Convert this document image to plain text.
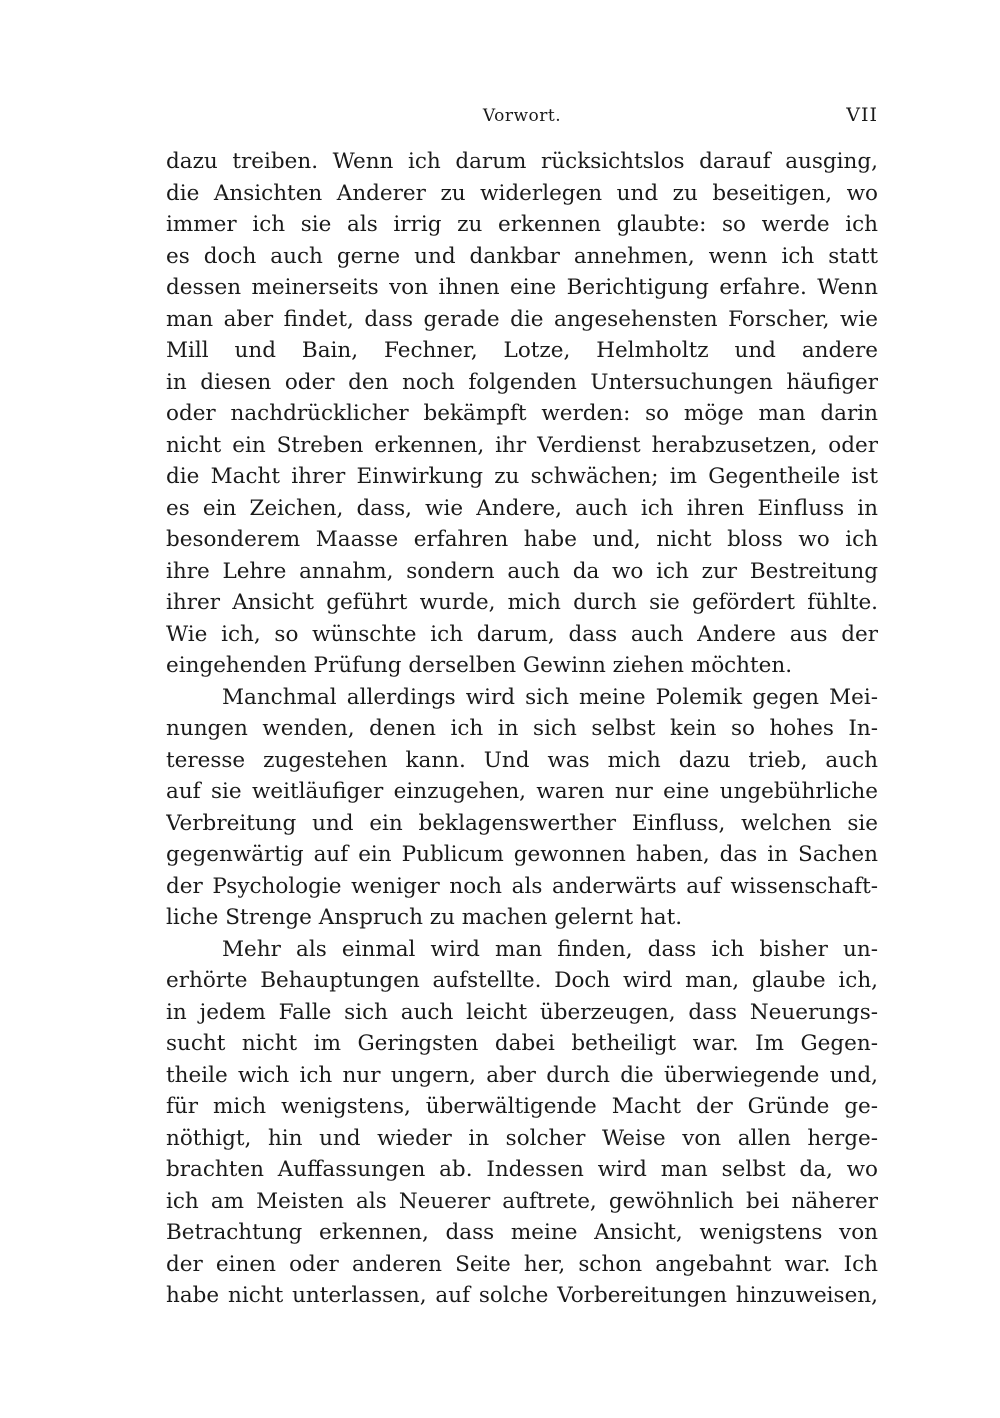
Vorwort.	VII
dazu treiben. Wenn ich darum rücksichtslos darauf ausging,
die Ansichten Anderer zu widerlegen und zu beseitigen, wo
immer ich sie als irrig zu erkennen glaubte: so werde ich
es doch auch gerne und dankbar annehmen, wenn ich statt
dessen meinerseits von ihnen eine Berichtigung erfahre. Wenn
man aber findet, dass gerade die angesehensten Forscher, wie
Mill und Bain, Fechner, Lotze, Helmholtz und andere
in diesen oder den noch folgenden Untersuchungen häufiger
oder nachdrücklicher bekämpft werden: so möge man darin
nicht ein Streben erkennen, ihr Verdienst herabzusetzen, oder
die Macht ihrer Einwirkung zu schwächen; im Gegentheile ist
es ein Zeichen, dass, wie Andere, auch ich ihren Einfluss in
besonderem Maasse erfahren habe und, nicht bloss wo ich
ihre Lehre annahm, sondern auch da wo ich zur Bestreitung
ihrer Ansicht geführt wurde, mich durch sie gefördert fühlte.
Wie ich, so wünschte ich darum, dass auch Andere aus der
eingehenden Prüfung derselben Gewinn ziehen möchten.
Manchmal allerdings wird sich meine Polemik gegen Mei-
nungen wenden, denen ich in sich selbst kein so hohes In-
teresse zugestehen kann. Und was mich dazu trieb, auch
auf sie weitläufiger einzugehen, waren nur eine ungebührliche
Verbreitung und ein beklagenswerther Einfluss, welchen sie
gegenwärtig auf ein Publicum gewonnen haben, das in Sachen
der Psychologie weniger noch als anderwärts auf wissenschaft-
liche Strenge Anspruch zu machen gelernt hat.
Mehr als einmal wird man finden, dass ich bisher un-
erhörte Behauptungen aufstellte. Doch wird man, glaube ich,
in jedem Falle sich auch leicht überzeugen, dass Neuerungs-
sucht nicht im Geringsten dabei betheiligt war. Im Gegen-
theile wich ich nur ungern, aber durch die überwiegende und,
für mich wenigstens, überwältigende Macht der Gründe ge-
nöthigt, hin und wieder in solcher Weise von allen herge-
brachten Auffassungen ab. Indessen wird man selbst da, wo
ich am Meisten als Neuerer auftrete, gewöhnlich bei näherer
Betrachtung erkennen, dass meine Ansicht, wenigstens von
der einen oder anderen Seite her, schon angebahnt war. Ich
habe nicht unterlassen, auf solche Vorbereitungen hinzuweisen,
